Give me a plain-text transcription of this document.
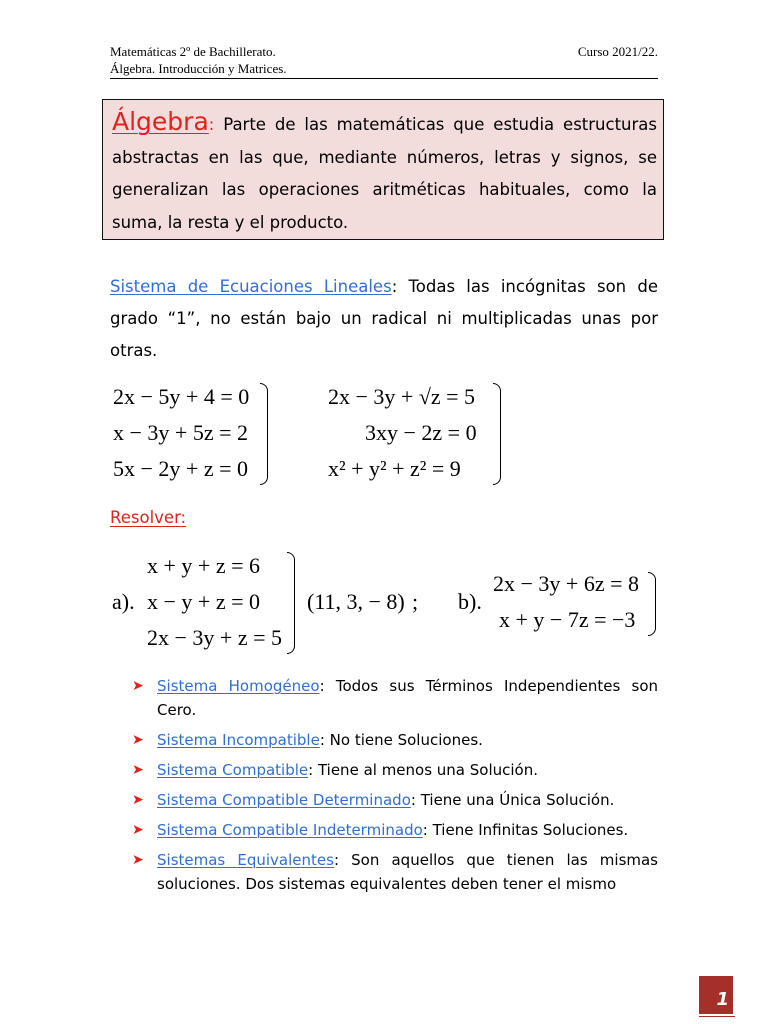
Matemáticas 2º de Bachillerato.
Álgebra. Introducción y Matrices.
Curso 2021/22.
Álgebra: Parte de las matemáticas que estudia estructuras abstractas en las que, mediante números, letras y signos, se generalizan las operaciones aritméticas habituales, como la suma, la resta y el producto.
Sistema de Ecuaciones Lineales: Todas las incógnitas son de grado “1”, no están bajo un radical ni multiplicadas unas por otras.
2x − 5y + 4 = 0
x − 3y + 5z = 2
5x − 2y + z = 0
2x − 3y + √z = 5
3xy − 2z = 0
x² + y² + z² = 9
Resolver:
a).
x + y + z = 6
x − y + z = 0
2x − 3y + z = 5
(11, 3, − 8) ; b).
2x − 3y + 6z = 8
x + y − 7z = −3
➤ Sistema Homogéneo: Todos sus Términos Independientes son Cero.
➤ Sistema Incompatible: No tiene Soluciones.
➤ Sistema Compatible: Tiene al menos una Solución.
➤ Sistema Compatible Determinado: Tiene una Única Solución.
➤ Sistema Compatible Indeterminado: Tiene Infinitas Soluciones.
➤ Sistemas Equivalentes: Son aquellos que tienen las mismas soluciones. Dos sistemas equivalentes deben tener el mismo
1
